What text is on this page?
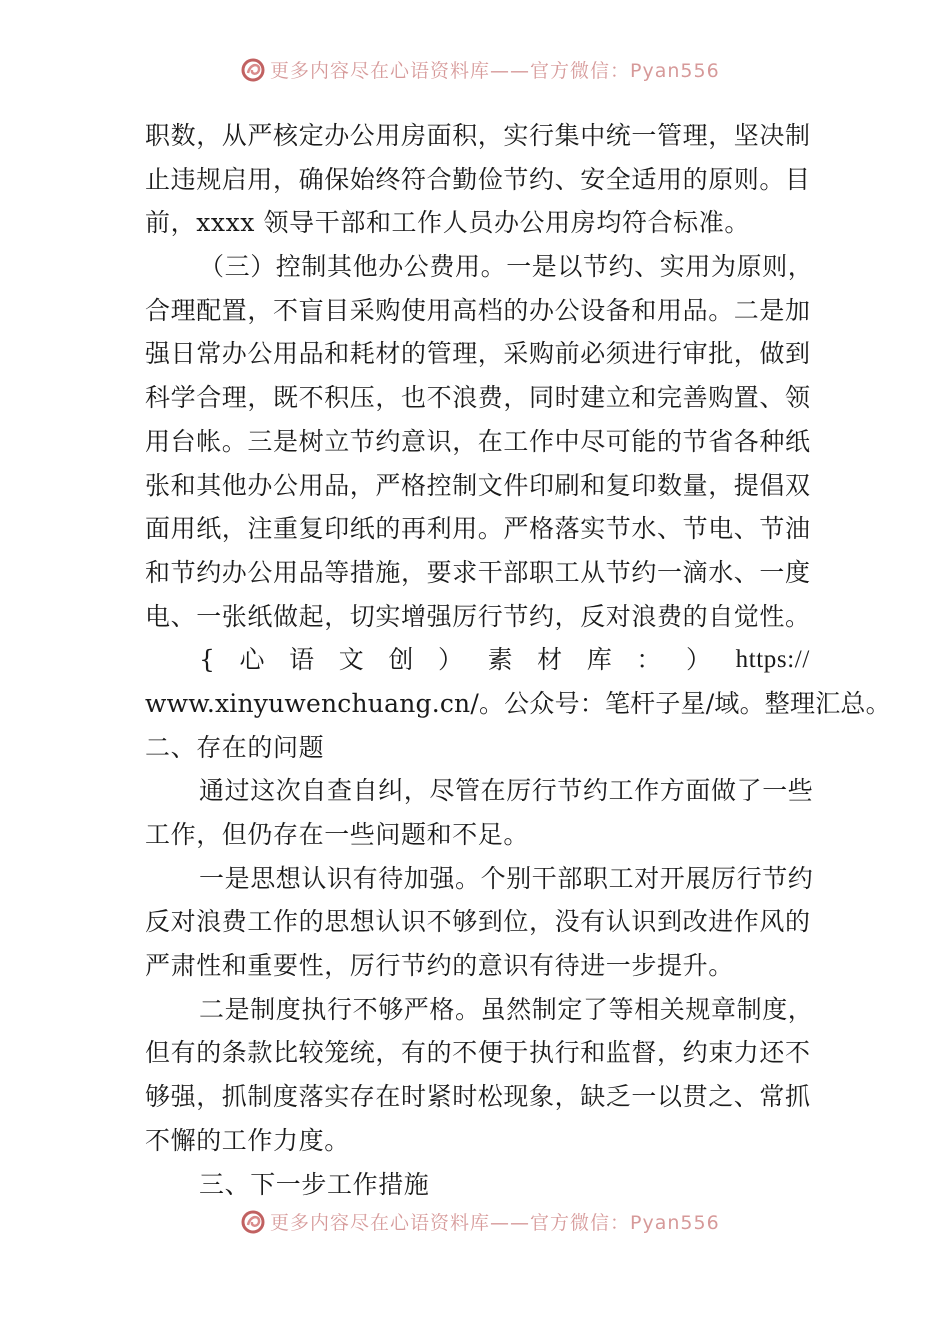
更多内容尽在心语资料库——官方微信：Pyan556
职数，从严核定办公用房面积，实行集中统一管理，坚决制
止违规启用，确保始终符合勤俭节约、安全适用的原则。目
前，xxxx 领导干部和工作人员办公用房均符合标准。
（三）控制其他办公费用。一是以节约、实用为原则，
合理配置，不盲目采购使用高档的办公设备和用品。二是加
强日常办公用品和耗材的管理，采购前必须进行审批，做到
科学合理，既不积压，也不浪费，同时建立和完善购置、领
用台帐。三是树立节约意识，在工作中尽可能的节省各种纸
张和其他办公用品，严格控制文件印刷和复印数量，提倡双
面用纸，注重复印纸的再利用。严格落实节水、节电、节油
和节约办公用品等措施，要求干部职工从节约一滴水、一度
电、一张纸做起，切实增强厉行节约，反对浪费的自觉性。
{ 心 语 文 创 ） 素 材 库 ： ） https://
www.xinyuwenchuang.cn/。公众号：笔杆子星/域。整理汇总。
二、存在的问题
通过这次自查自纠，尽管在厉行节约工作方面做了一些
工作，但仍存在一些问题和不足。
一是思想认识有待加强。个别干部职工对开展厉行节约
反对浪费工作的思想认识不够到位，没有认识到改进作风的
严肃性和重要性，厉行节约的意识有待进一步提升。
二是制度执行不够严格。虽然制定了等相关规章制度，
但有的条款比较笼统，有的不便于执行和监督，约束力还不
够强，抓制度落实存在时紧时松现象，缺乏一以贯之、常抓
不懈的工作力度。
三、下一步工作措施
更多内容尽在心语资料库——官方微信：Pyan556
